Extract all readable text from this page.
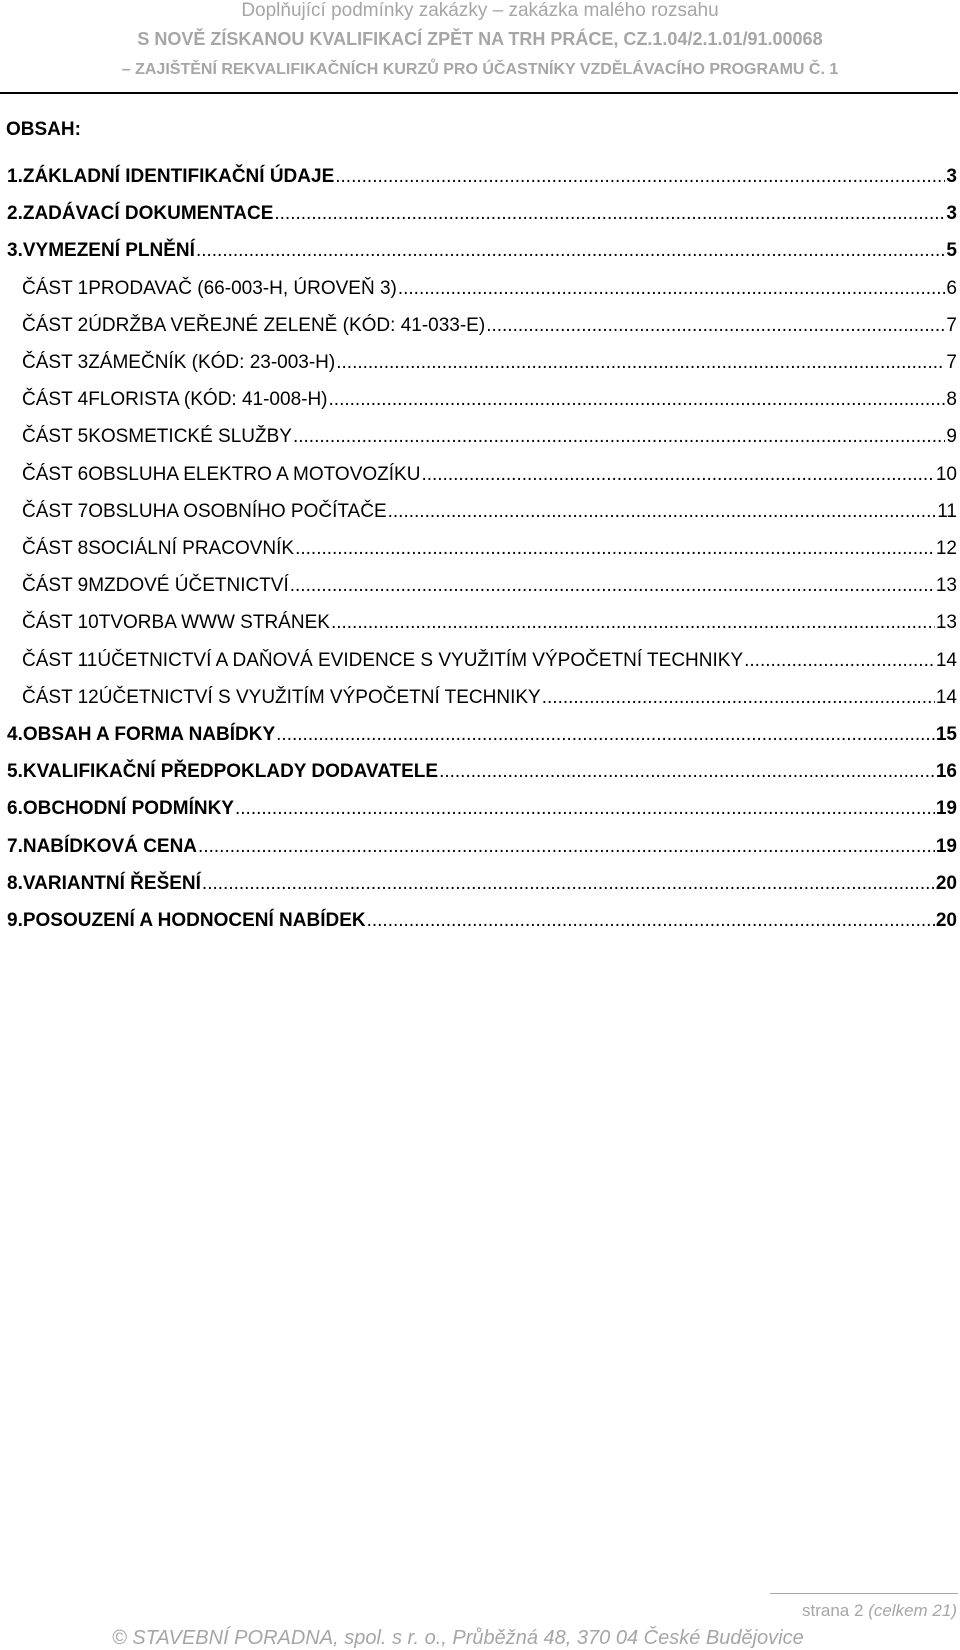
Doplňující podmínky zakázky – zakázka malého rozsahu
S NOVĚ ZÍSKANOU KVALIFIKACÍ ZPĚT NA TRH PRÁCE, CZ.1.04/2.1.01/91.00068
– ZAJIŠTĚNÍ REKVALIFIKAČNÍCH KURZŮ PRO ÚČASTNÍKY VZDĚLÁVACÍHO PROGRAMU Č. 1
OBSAH:
1. ZÁKLADNÍ IDENTIFIKAČNÍ ÚDAJE .....	3
2. ZADÁVACÍ DOKUMENTACE .....	3
3. VYMEZENÍ PLNĚNÍ .....	5
ČÁST 1 PRODAVAČ (66-003-H, ÚROVEŇ 3) .....	6
ČÁST 2 ÚDRŽBA VEŘEJNÉ ZELENĚ (KÓD: 41-033-E) .....	7
ČÁST 3 ZÁMEČNÍK (KÓD: 23-003-H) .....	7
ČÁST 4 FLORISTA (KÓD: 41-008-H) .....	8
ČÁST 5 KOSMETICKÉ SLUŽBY .....	9
ČÁST 6 OBSLUHA ELEKTRO A MOTOVOZÍKU .....	10
ČÁST 7 OBSLUHA OSOBNÍHO POČÍTAČE .....	11
ČÁST 8 SOCIÁLNÍ PRACOVNÍK .....	12
ČÁST 9 MZDOVÉ ÚČETNICTVÍ .....	13
ČÁST 10 TVORBA WWW STRÁNEK .....	13
ČÁST 11 ÚČETNICTVÍ A DAŇOVÁ EVIDENCE S VYUŽITÍM VÝPOČETNÍ TECHNIKY .....	14
ČÁST 12 ÚČETNICTVÍ S VYUŽITÍM VÝPOČETNÍ TECHNIKY .....	14
4. OBSAH A FORMA NABÍDKY .....	15
5. KVALIFIKAČNÍ PŘEDPOKLADY DODAVATELE .....	16
6. OBCHODNÍ PODMÍNKY .....	19
7. NABÍDKOVÁ CENA .....	19
8. VARIANTNÍ ŘEŠENÍ .....	20
9. POSOUZENÍ A HODNOCENÍ NABÍDEK .....	20
strana 2 (celkem 21)
© STAVEBNÍ PORADNA, spol. s r. o., Průběžná 48, 370 04 České Budějovice
